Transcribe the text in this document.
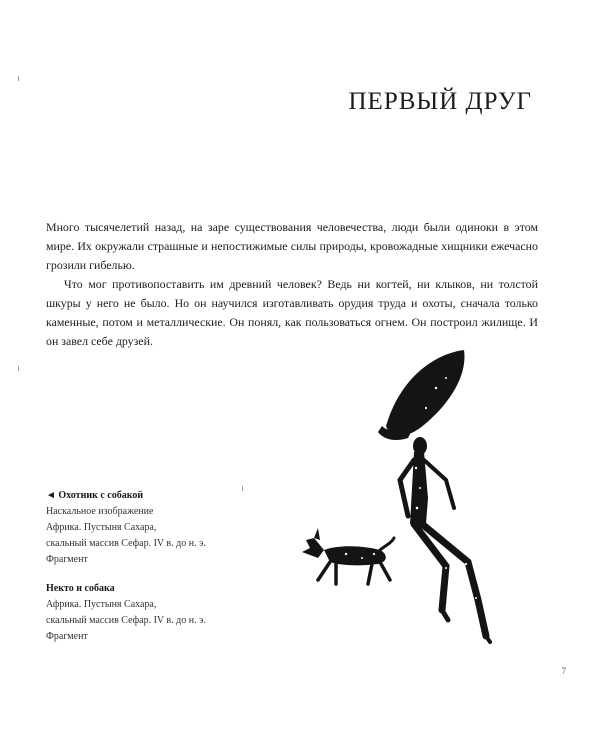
ПЕРВЫЙ ДРУГ

Много тысячелетий назад, на заре существования человечества, люди были одиноки в этом мире. Их окружали страшные и непостижимые силы природы, кровожадные хищники ежечасно грозили гибелью.

Что мог противопоставить им древний человек? Ведь ни когтей, ни клыков, ни толстой шкуры у него не было. Но он научился изготавливать орудия труда и охоты, сначала только каменные, потом и металлические. Он понял, как пользоваться огнем. Он построил жилище. И он завел себе друзей.

◄ Охотник с собакой
Наскальное изображение
Африка. Пустыня Сахара,
скальный массив Сефар. IV в. до н. э.
Фрагмент
Некто и собака
Африка. Пустыня Сахара,
скальный массив Сефар. IV в. до н. э.
Фрагмент
7
